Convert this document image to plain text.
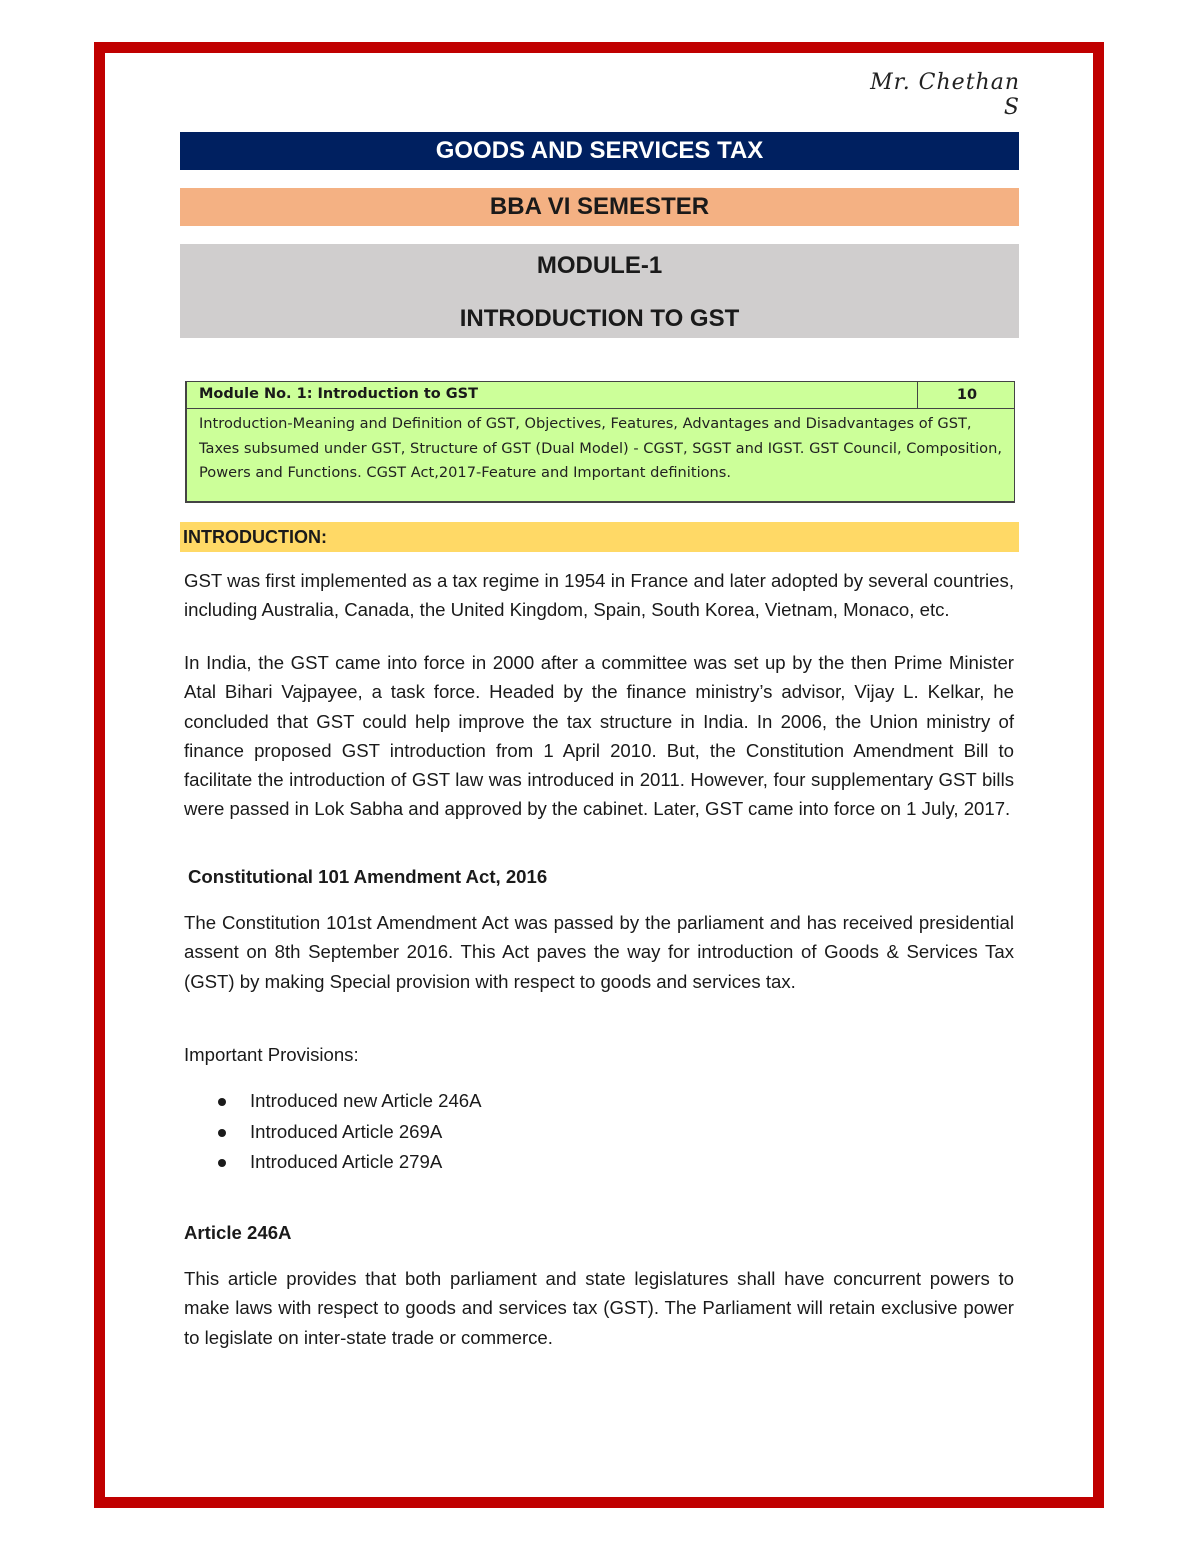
Mr. Chethan S
GOODS AND SERVICES TAX
BBA VI SEMESTER
MODULE-1
INTRODUCTION TO GST
Module No. 1: Introduction to GST	10
Introduction-Meaning and Definition of GST, Objectives, Features, Advantages and Disadvantages of GST, Taxes subsumed under GST, Structure of GST (Dual Model) - CGST, SGST and IGST. GST Council, Composition, Powers and Functions. CGST Act,2017-Feature and Important definitions.
INTRODUCTION:

GST was first implemented as a tax regime in 1954 in France and later adopted by several countries, including Australia, Canada, the United Kingdom, Spain, South Korea, Vietnam, Monaco, etc.

In India, the GST came into force in 2000 after a committee was set up by the then Prime Minister Atal Bihari Vajpayee, a task force. Headed by the finance ministry’s advisor, Vijay L. Kelkar, he concluded that GST could help improve the tax structure in India. In 2006, the Union ministry of finance proposed GST introduction from 1 April 2010. But, the Constitution Amendment Bill to facilitate the introduction of GST law was introduced in 2011. However, four supplementary GST bills were passed in Lok Sabha and approved by the cabinet. Later, GST came into force on 1 July, 2017.

Constitutional 101 Amendment Act, 2016

The Constitution 101st Amendment Act was passed by the parliament and has received presidential assent on 8th September 2016. This Act paves the way for introduction of Goods & Services Tax (GST) by making Special provision with respect to goods and services tax.

Important Provisions:

Introduced new Article 246A
Introduced Article 269A
Introduced Article 279A
Article 246A

This article provides that both parliament and state legislatures shall have concurrent powers to make laws with respect to goods and services tax (GST). The Parliament will retain exclusive power to legislate on inter-state trade or commerce.
